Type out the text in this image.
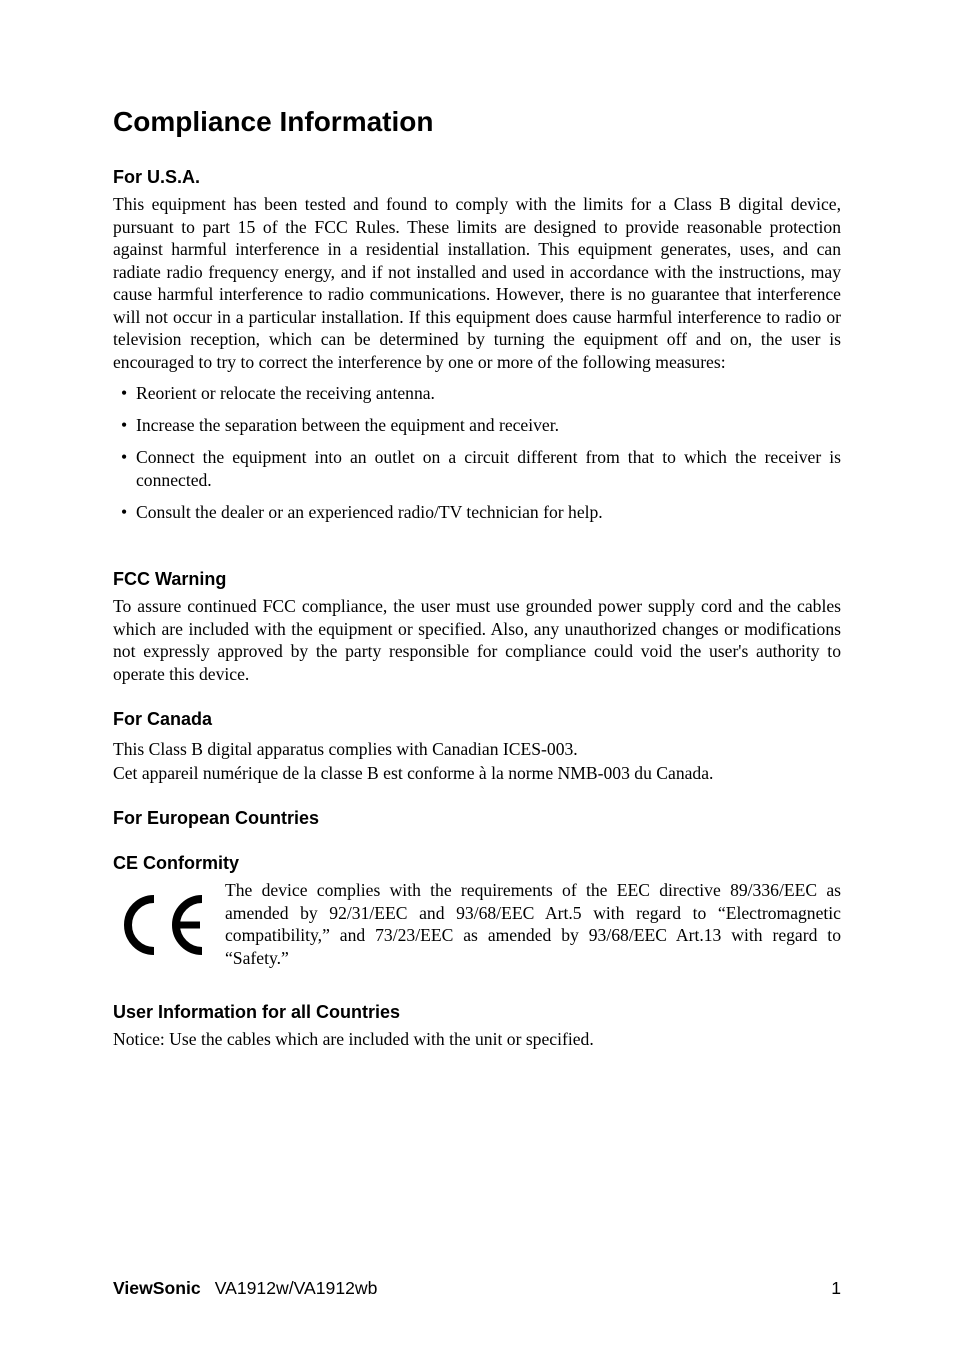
Compliance Information
For U.S.A.

This equipment has been tested and found to comply with the limits for a Class B digital device, pursuant to part 15 of the FCC Rules. These limits are designed to provide reasonable protection against harmful interference in a residential installation. This equipment generates, uses, and can radiate radio frequency energy, and if not installed and used in accordance with the instructions, may cause harmful interference to radio communications. However, there is no guarantee that interference will not occur in a particular installation. If this equipment does cause harmful interference to radio or television reception, which can be determined by turning the equipment off and on, the user is encouraged to try to correct the interference by one or more of the following measures:

• Reorient or relocate the receiving antenna.
• Increase the separation between the equipment and receiver.
• Connect the equipment into an outlet on a circuit different from that to which the receiver is connected.
• Consult the dealer or an experienced radio/TV technician for help.
FCC Warning

To assure continued FCC compliance, the user must use grounded power supply cord and the cables which are included with the equipment or specified. Also, any unauthorized changes or modifications not expressly approved by the party responsible for compliance could void the user's authority to operate this device.

For Canada
This Class B digital apparatus complies with Canadian ICES-003.
Cet appareil numérique de la classe B est conforme à la norme NMB-003 du Canada.
For European Countries
CE Conformity

The device complies with the requirements of the EEC directive 89/336/EEC as amended by 92/31/EEC and 93/68/EEC Art.5 with regard to “Electromagnetic compatibility,” and 73/23/EEC as amended by 93/68/EEC Art.13 with regard to “Safety.”

User Information for all Countries

Notice: Use the cables which are included with the unit or specified.

ViewSonic VA1912w/VA1912wb	1
